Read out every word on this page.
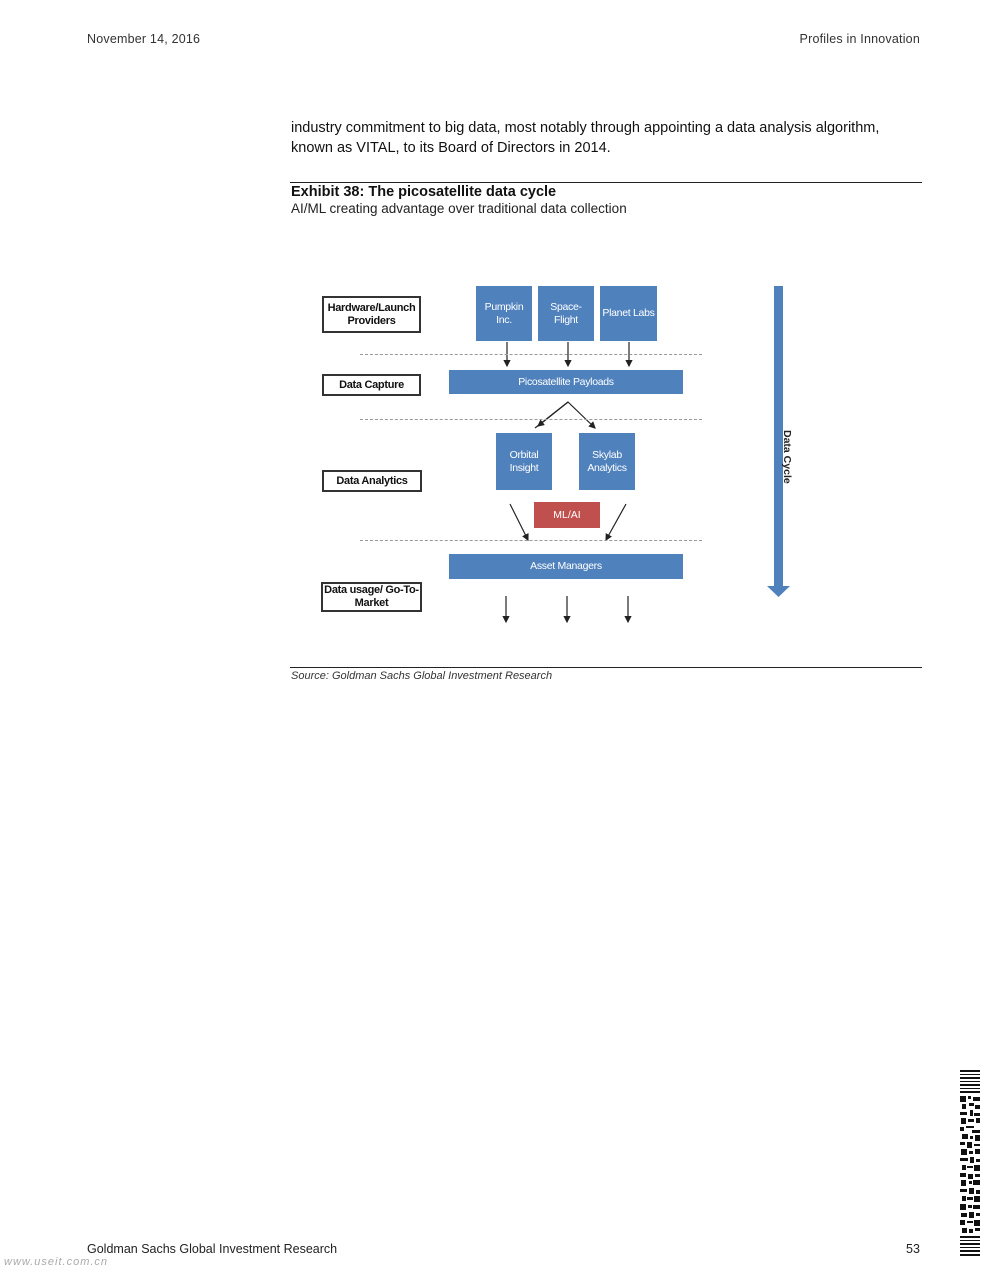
November 14, 2016	Profiles in Innovation
industry commitment to big data, most notably through appointing a data analysis algorithm, known as VITAL, to its Board of Directors in 2014.
Exhibit 38: The picosatellite data cycle
AI/ML creating advantage over traditional data collection
Hardware/Launch Providers
Data Capture
Data Analytics
Data usage/ Go-To-Market
Pumpkin Inc.
Space- Flight
Planet Labs
Picosatellite Payloads
Orbital Insight
Skylab Analytics
ML/AI
Asset Managers
Data Cycle
Source: Goldman Sachs Global Investment Research
Goldman Sachs Global Investment Research	53
www.useit.com.cn
